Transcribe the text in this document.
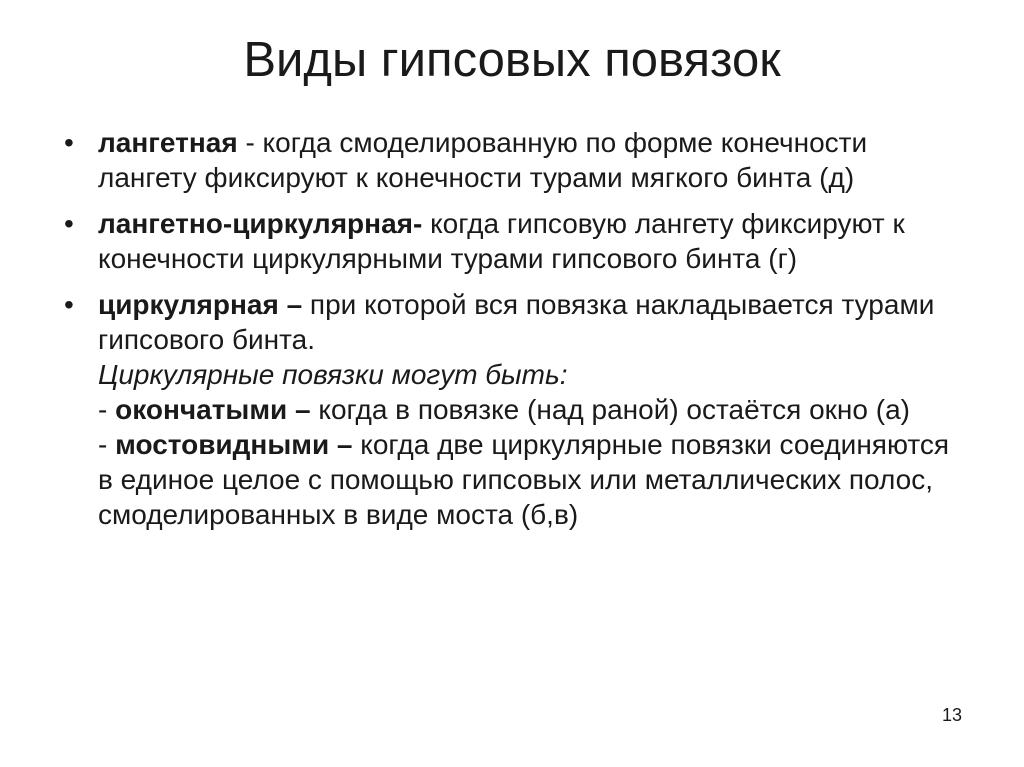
Виды гипсовых повязок
• лангетная - когда смоделированную по форме конечности лангету фиксируют к конечности турами мягкого бинта (д)
• лангетно-циркулярная- когда гипсовую лангету фиксируют к конечности циркулярными турами гипсового бинта (г)
• циркулярная – при которой вся повязка накладывается турами гипсового бинта.
Циркулярные повязки могут быть:
- окончатыми – когда в повязке (над раной) остаётся окно (а)
- мостовидными – когда две циркулярные повязки соединяются в единое целое с помощью гипсовых или металлических полос, смоделированных в виде моста (б,в)
13
